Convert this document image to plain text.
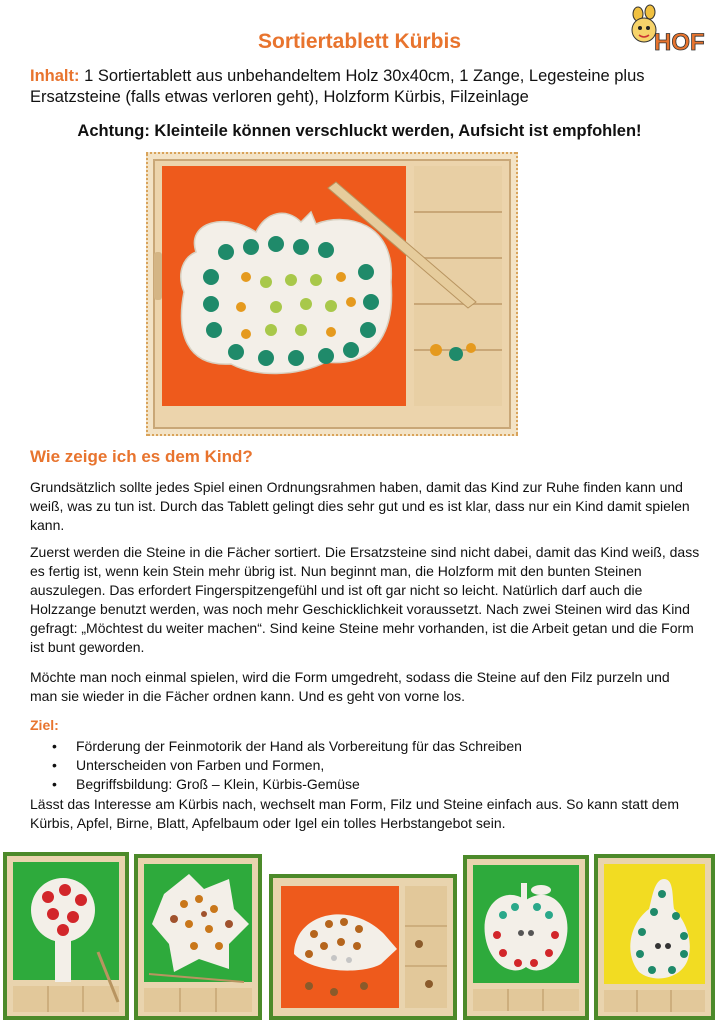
HOF
Sortiertablett Kürbis
Inhalt: 1 Sortiertablett aus unbehandeltem Holz 30x40cm, 1 Zange, Legesteine plus Ersatzsteine (falls etwas verloren geht), Holzform Kürbis, Filzeinlage
Achtung: Kleinteile können verschluckt werden, Aufsicht ist empfohlen!
Wie zeige ich es dem Kind?

Grundsätzlich sollte jedes Spiel einen Ordnungsrahmen haben, damit das Kind zur Ruhe finden kann und weiß, was zu tun ist. Durch das Tablett gelingt dies sehr gut und es ist klar, dass nur ein Kind damit spielen kann.

Zuerst werden die Steine in die Fächer sortiert. Die Ersatzsteine sind nicht dabei, damit das Kind weiß, dass es fertig ist, wenn kein Stein mehr übrig ist. Nun beginnt man, die Holzform mit den bunten Steinen auszulegen. Das erfordert Fingerspitzengefühl und ist oft gar nicht so leicht. Natürlich darf auch die Holzzange benutzt werden, was noch mehr Geschicklichkeit voraussetzt. Nach zwei Steinen wird das Kind gefragt: „Möchtest du weiter machen“. Sind keine Steine mehr vorhanden, ist die Arbeit getan und die Form ist bunt geworden.

Möchte man noch einmal spielen, wird die Form umgedreht, sodass die Steine auf den Filz purzeln und man sie wieder in die Fächer ordnen kann. Und es geht von vorne los.

Ziel:
• Förderung der Feinmotorik der Hand als Vorbereitung für das Schreiben
• Unterscheiden von Farben und Formen,
• Begriffsbildung: Groß – Klein, Kürbis-Gemüse

Lässt das Interesse am Kürbis nach, wechselt man Form, Filz und Steine einfach aus. So kann statt dem Kürbis, Apfel, Birne, Blatt, Apfelbaum oder Igel ein tolles Herbstangebot sein.
